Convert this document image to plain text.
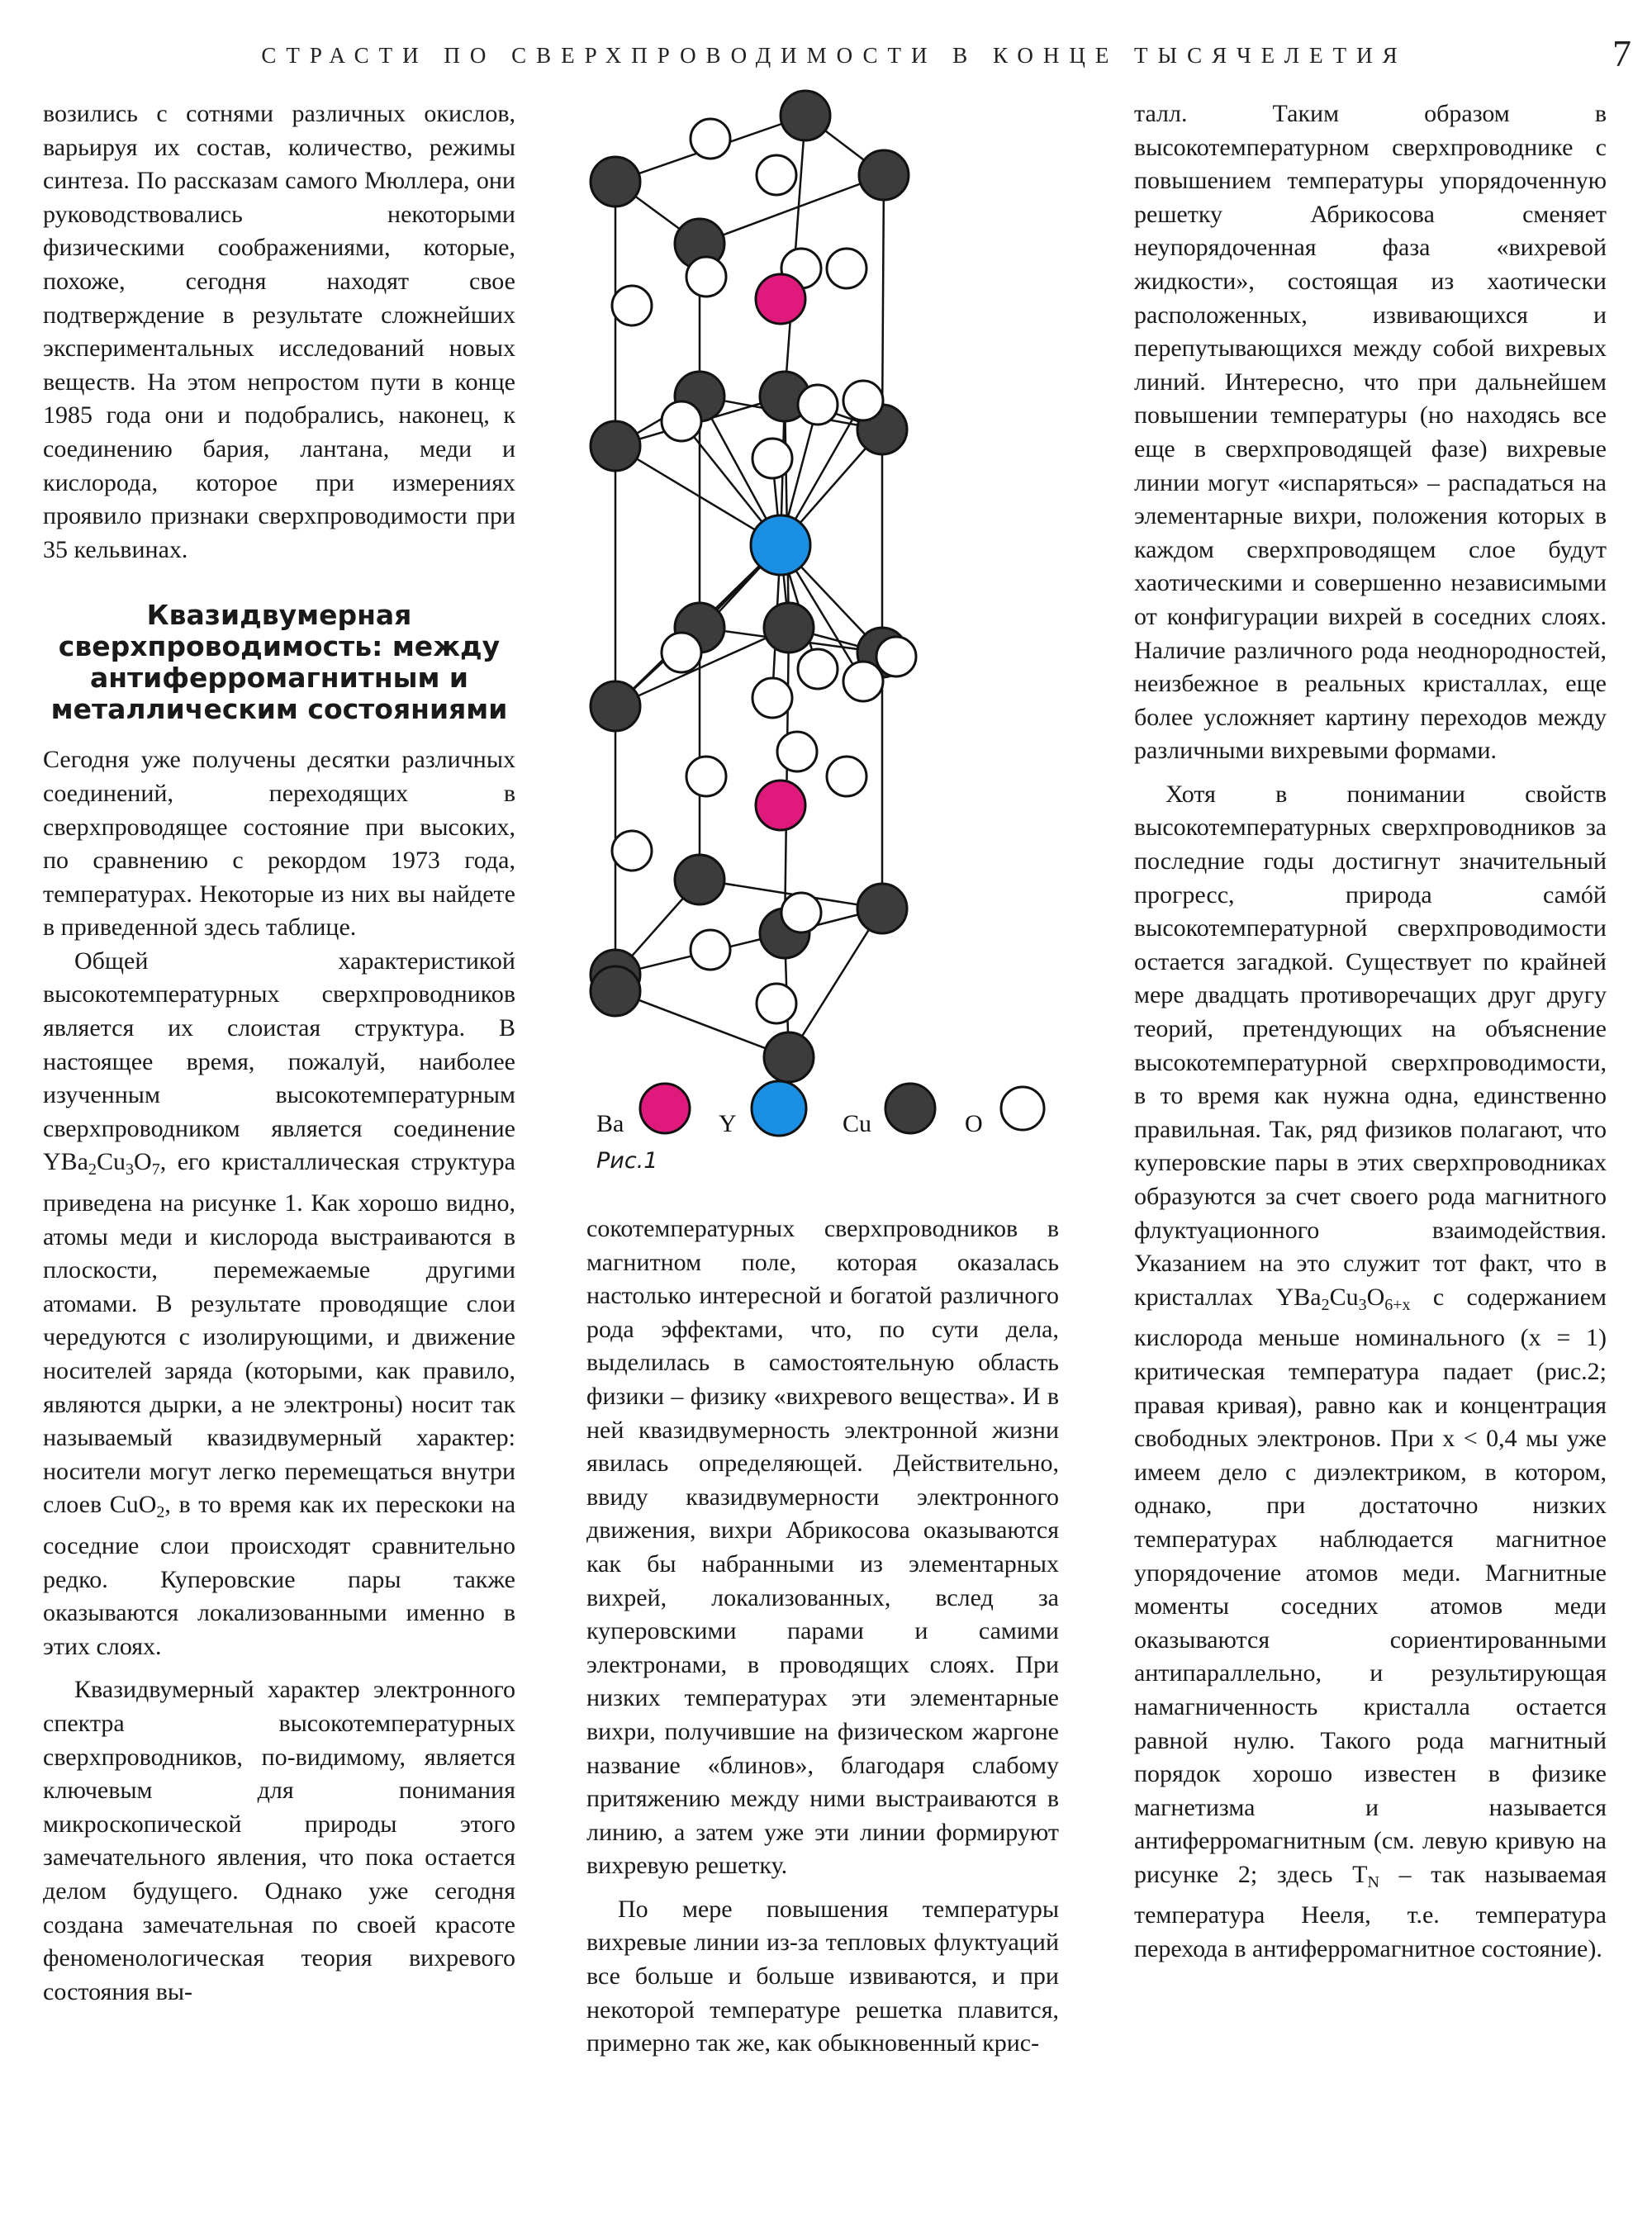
СТРАСТИ ПО СВЕРХПРОВОДИМОСТИ В КОНЦЕ ТЫСЯЧЕЛЕТИЯ	7

возились с сотнями различных окислов, варьируя их состав, количество, режимы синтеза. По рассказам самого Мюллера, они руководствовались некоторыми физическими соображениями, которые, похоже, сегодня находят свое подтверждение в результате сложнейших экспериментальных исследований новых веществ. На этом непростом пути в конце 1985 года они и подобрались, наконец, к соединению бария, лантана, меди и кислорода, которое при измерениях проявило признаки сверхпроводимости при 35 кельвинах.

Квазидвумерная сверхпроводимость: между антиферромагнитным и металлическим состояниями

Сегодня уже получены десятки различных соединений, переходящих в сверхпроводящее состояние при высоких, по сравнению с рекордом 1973 года, температурах. Некоторые из них вы найдете в приведенной здесь таблице.

Общей характеристикой высокотемпературных сверхпроводников является их слоистая структура. В настоящее время, пожалуй, наиболее изученным высокотемпературным сверхпроводником является соединение $YBa_2Cu_3O_7$, его кристаллическая структура приведена на рисунке 1. Как хорошо видно, атомы меди и кислорода выстраиваются в плоскости, перемежаемые другими атомами. В результате проводящие слои чередуются с изолирующими, и движение носителей заряда (которыми, как правило, являются дырки, а не электроны) носит так называемый квазидвумерный характер: носители могут легко перемещаться внутри слоев CuO$_2$, в то время как их перескоки на соседние слои происходят сравнительно редко. Куперовские пары также оказываются локализованными именно в этих слоях.

Квазидвумерный характер электронного спектра высокотемпературных сверхпроводников, по-видимому, является ключевым для понимания микроскопической природы этого замечательного явления, что пока остается делом будущего. Однако уже сегодня создана замечательная по своей красоте феноменологическая теория вихревого состояния вы-

Ba	Y	Cu	O
Рис.1

сокотемпературных сверхпроводников в магнитном поле, которая оказалась настолько интересной и богатой различного рода эффектами, что, по сути дела, выделилась в самостоятельную область физики – физику «вихревого вещества». И в ней квазидвумерность электронной жизни явилась определяющей. Действительно, ввиду квазидвумерности электронного движения, вихри Абрикосова оказываются как бы набранными из элементарных вихрей, локализованных, вслед за куперовскими парами и самими электронами, в проводящих слоях. При низких температурах эти элементарные вихри, получившие на физическом жаргоне название «блинов», благодаря слабому притяжению между ними выстраиваются в линию, а затем уже эти линии формируют вихревую решетку.

По мере повышения температуры вихревые линии из-за тепловых флуктуаций все больше и больше извиваются, и при некоторой температуре решетка плавится, примерно так же, как обыкновенный крис-

талл. Таким образом в высокотемпературном сверхпроводнике с повышением температуры упорядоченную решетку Абрикосова сменяет неупорядоченная фаза «вихревой жидкости», состоящая из хаотически расположенных, извивающихся и перепутывающихся между собой вихревых линий. Интересно, что при дальнейшем повышении температуры (но находясь все еще в сверхпроводящей фазе) вихревые линии могут «испаряться» – распадаться на элементарные вихри, положения которых в каждом сверхпроводящем слое будут хаотическими и совершенно независимыми от конфигурации вихрей в соседних слоях. Наличие различного рода неоднородностей, неизбежное в реальных кристаллах, еще более усложняет картину переходов между различными вихревыми формами.

Хотя в понимании свойств высокотемпературных сверхпроводников за последние годы достигнут значительный прогресс, природа самóй высокотемпературной сверхпроводимости остается загадкой. Существует по крайней мере двадцать противоречащих друг другу теорий, претендующих на объяснение высокотемпературной сверхпроводимости, в то время как нужна одна, единственно правильная. Так, ряд физиков полагают, что куперовские пары в этих сверхпроводниках образуются за счет своего рода магнитного флуктуационного взаимодействия. Указанием на это служит тот факт, что в кристаллах $YBa_2Cu_3O_{6+x}$ с содержанием кислорода меньше номинального (x = 1) критическая температура падает (рис.2; правая кривая), равно как и концентрация свободных электронов. При x < 0,4 мы уже имеем дело с диэлектриком, в котором, однако, при достаточно низких температурах наблюдается магнитное упорядочение атомов меди. Магнитные моменты соседних атомов меди оказываются сориентированными антипараллельно, и результирующая намагниченность кристалла остается равной нулю. Такого рода магнитный порядок хорошо известен в физике магнетизма и называется антиферромагнитным (см. левую кривую на рисунке 2; здесь $T_N$ – так называемая температура Нееля, т.е. температура перехода в антиферромагнитное состояние).
